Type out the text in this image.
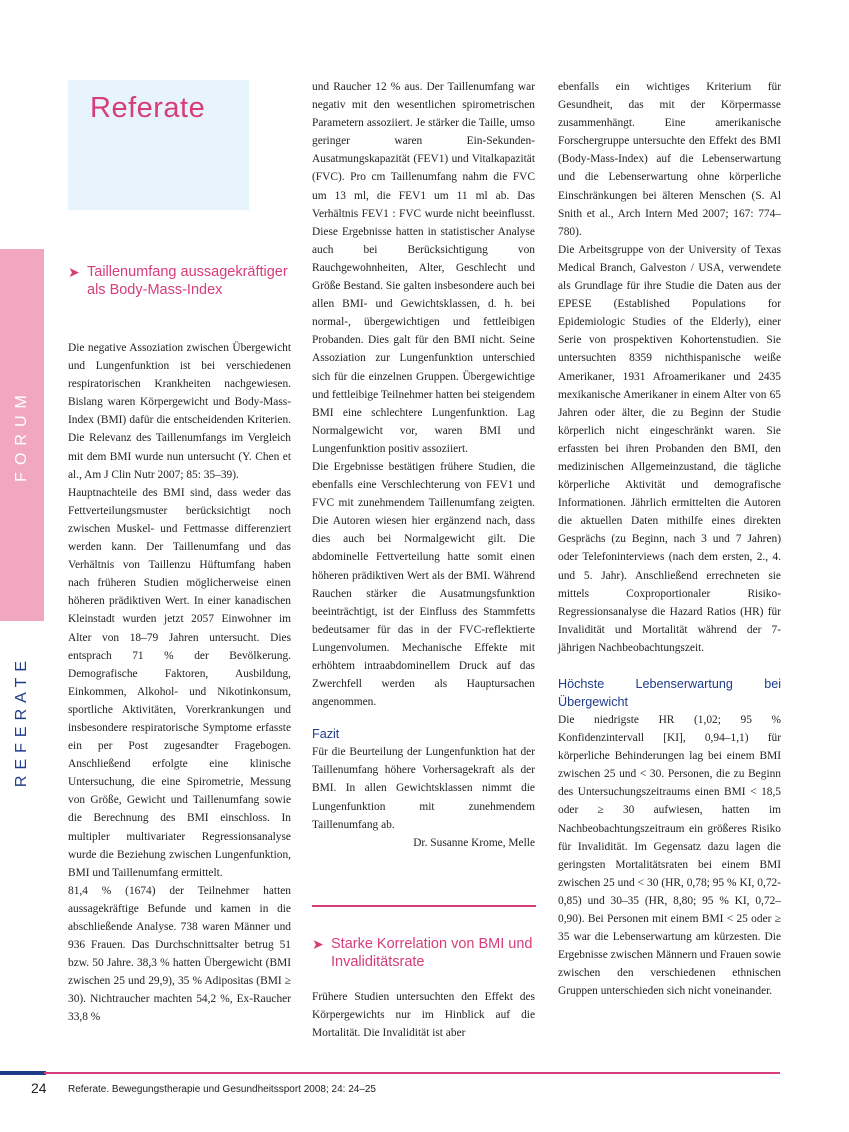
FORUM
REFERATE
Referate
➤ Taillenumfang aussagekräftiger als Body-Mass-Index

Die negative Assoziation zwischen Übergewicht und Lungenfunktion ist bei verschiedenen respiratorischen Krankheiten nachgewiesen. Bislang waren Körpergewicht und Body-Mass-Index (BMI) dafür die entscheidenden Kriterien. Die Relevanz des Taillenumfangs im Vergleich mit dem BMI wurde nun untersucht (Y. Chen et al., Am J Clin Nutr 2007; 85: 35–39).

Hauptnachteile des BMI sind, dass weder das Fettverteilungsmuster berücksichtigt noch zwischen Muskel- und Fettmasse differenziert werden kann. Der Taillenumfang und das Verhältnis von Taillenzu Hüftumfang haben nach früheren Studien möglicherweise einen höheren prädiktiven Wert. In einer kanadischen Kleinstadt wurden jetzt 2057 Einwohner im Alter von 18–79 Jahren untersucht. Dies entsprach 71 % der Bevölkerung. Demografische Faktoren, Ausbildung, Einkommen, Alkohol- und Nikotinkonsum, sportliche Aktivitäten, Vorerkrankungen und insbesondere respiratorische Symptome erfasste ein per Post zugesandter Fragebogen. Anschließend erfolgte eine klinische Untersuchung, die eine Spirometrie, Messung von Größe, Gewicht und Taillenumfang sowie die Berechnung des BMI einschloss. In multipler multivariater Regressionsanalyse wurde die Beziehung zwischen Lungenfunktion, BMI und Taillenumfang ermittelt.

81,4 % (1674) der Teilnehmer hatten aussagekräftige Befunde und kamen in die abschließende Analyse. 738 waren Männer und 936 Frauen. Das Durchschnittsalter betrug 51 bzw. 50 Jahre. 38,3 % hatten Übergewicht (BMI zwischen 25 und 29,9), 35 % Adipositas (BMI ≥ 30). Nichtraucher machten 54,2 %, Ex-Raucher 33,8 %

und Raucher 12 % aus. Der Taillenumfang war negativ mit den wesentlichen spirometrischen Parametern assoziiert. Je stärker die Taille, umso geringer waren Ein-Sekunden-Ausatmungskapazität (FEV1) und Vitalkapazität (FVC). Pro cm Taillenumfang nahm die FVC um 13 ml, die FEV1 um 11 ml ab. Das Verhältnis FEV1 : FVC wurde nicht beeinflusst. Diese Ergebnisse hatten in statistischer Analyse auch bei Berücksichtigung von Rauchgewohnheiten, Alter, Geschlecht und Größe Bestand. Sie galten insbesondere auch bei allen BMI- und Gewichtsklassen, d. h. bei normal-, übergewichtigen und fettleibigen Probanden. Dies galt für den BMI nicht. Seine Assoziation zur Lungenfunktion unterschied sich für die einzelnen Gruppen. Übergewichtige und fettleibige Teilnehmer hatten bei steigendem BMI eine schlechtere Lungenfunktion. Lag Normalgewicht vor, waren BMI und Lungenfunktion positiv assoziiert.

Die Ergebnisse bestätigen frühere Studien, die ebenfalls eine Verschlechterung von FEV1 und FVC mit zunehmendem Taillenumfang zeigten. Die Autoren wiesen hier ergänzend nach, dass dies auch bei Normalgewicht gilt. Die abdominelle Fettverteilung hatte somit einen höheren prädiktiven Wert als der BMI. Während Rauchen stärker die Ausatmungsfunktion beeinträchtigt, ist der Einfluss des Stammfetts bedeutsamer für das in der FVC-reflektierte Lungenvolumen. Mechanische Effekte mit erhöhtem intraabdominellem Druck auf das Zwerchfell werden als Hauptursachen angenommen.

Fazit

Für die Beurteilung der Lungenfunktion hat der Taillenumfang höhere Vorhersagekraft als der BMI. In allen Gewichtsklassen nimmt die Lungenfunktion mit zunehmendem Taillenumfang ab.

Dr. Susanne Krome, Melle

➤ Starke Korrelation von BMI und Invaliditätsrate

Frühere Studien untersuchten den Effekt des Körpergewichts nur im Hinblick auf die Mortalität. Die Invalidität ist aber

ebenfalls ein wichtiges Kriterium für Gesundheit, das mit der Körpermasse zusammenhängt. Eine amerikanische Forschergruppe untersuchte den Effekt des BMI (Body-Mass-Index) auf die Lebenserwartung und die Lebenserwartung ohne körperliche Einschränkungen bei älteren Menschen (S. Al Snith et al., Arch Intern Med 2007; 167: 774–780).

Die Arbeitsgruppe von der University of Texas Medical Branch, Galveston / USA, verwendete als Grundlage für ihre Studie die Daten aus der EPESE (Established Populations for Epidemiologic Studies of the Elderly), einer Serie von prospektiven Kohortenstudien. Sie untersuchten 8359 nichthispanische weiße Amerikaner, 1931 Afroamerikaner und 2435 mexikanische Amerikaner in einem Alter von 65 Jahren oder älter, die zu Beginn der Studie körperlich nicht eingeschränkt waren. Sie erfassten bei ihren Probanden den BMI, den medizinischen Allgemeinzustand, die tägliche körperliche Aktivität und demografische Informationen. Jährlich ermittelten die Autoren die aktuellen Daten mithilfe eines direkten Gesprächs (zu Beginn, nach 3 und 7 Jahren) oder Telefoninterviews (nach dem ersten, 2., 4. und 5. Jahr). Anschließend errechneten sie mittels Coxproportionaler Risiko-Regressionsanalyse die Hazard Ratios (HR) für Invalidität und Mortalität während der 7-jährigen Nachbeobachtungszeit.

Höchste Lebenserwartung bei Übergewicht

Die niedrigste HR (1,02; 95 % Konfidenzintervall [KI], 0,94–1,1) für körperliche Behinderungen lag bei einem BMI zwischen 25 und < 30. Personen, die zu Beginn des Untersuchungszeitraums einen BMI < 18,5 oder ≥ 30 aufwiesen, hatten im Nachbeobachtungszeitraum ein größeres Risiko für Invalidität. Im Gegensatz dazu lagen die geringsten Mortalitätsraten bei einem BMI zwischen 25 und < 30 (HR, 0,78; 95 % KI, 0,72-0,85) und 30–35 (HR, 8,80; 95 % KI, 0,72–0,90). Bei Personen mit einem BMI < 25 oder ≥ 35 war die Lebenserwartung am kürzesten. Die Ergebnisse zwischen Männern und Frauen sowie zwischen den verschiedenen ethnischen Gruppen unterschieden sich nicht voneinander.

24 Referate. Bewegungstherapie und Gesundheitssport 2008; 24: 24–25
